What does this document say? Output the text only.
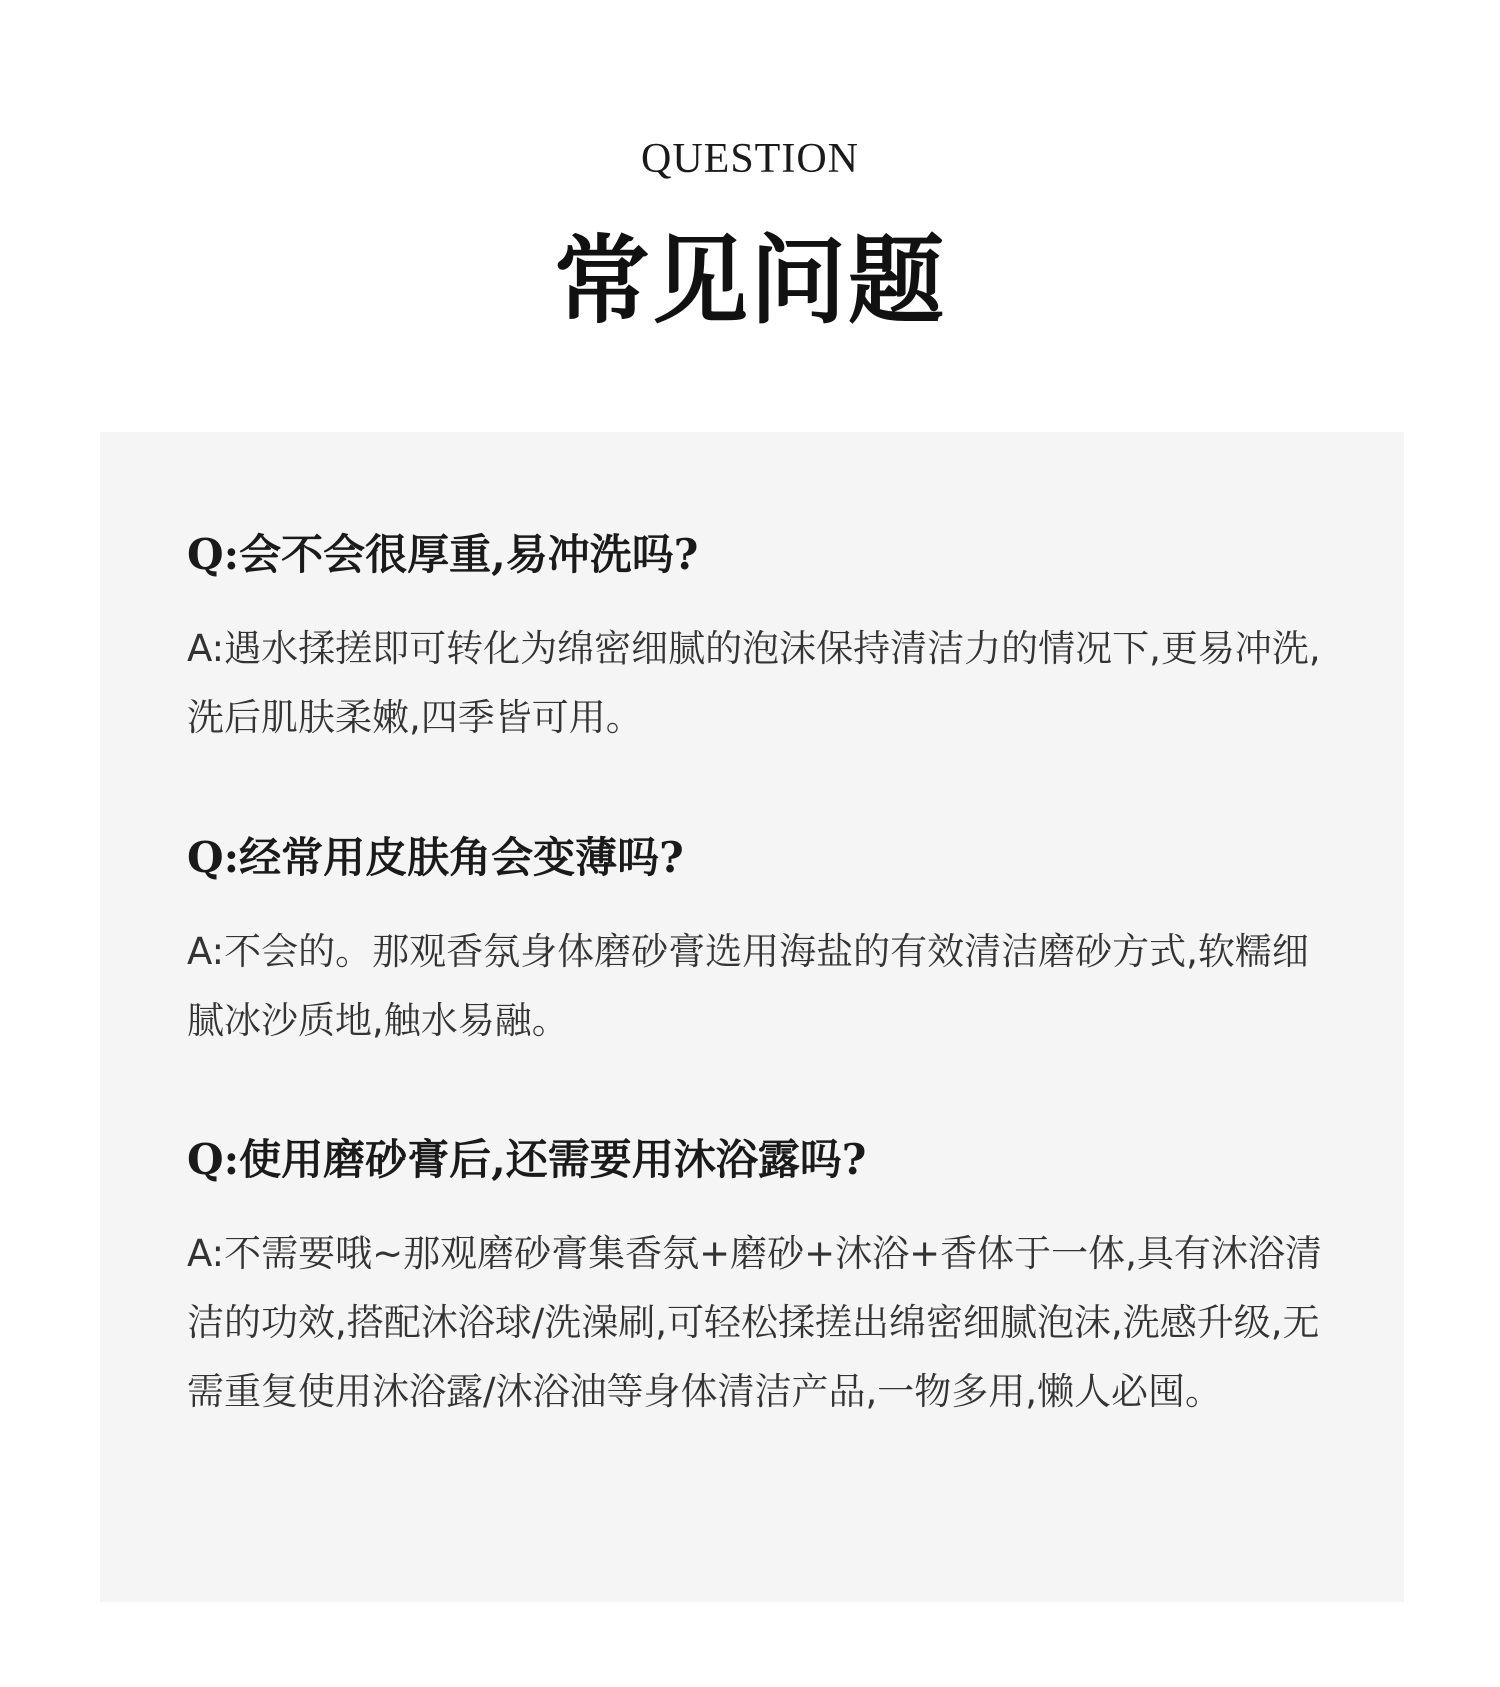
QUESTION
常见问题

Q:会不会很厚重,易冲洗吗?

A:遇水揉搓即可转化为绵密细腻的泡沫保持清洁力的情况下,更易冲洗,洗后肌肤柔嫩,四季皆可用。

Q:经常用皮肤角会变薄吗?

A:不会的。那观香氛身体磨砂膏选用海盐的有效清洁磨砂方式,软糯细腻冰沙质地,触水易融。

Q:使用磨砂膏后,还需要用沐浴露吗?

A:不需要哦~那观磨砂膏集香氛+磨砂+沐浴+香体于一体,具有沐浴清洁的功效,搭配沐浴球/洗澡刷,可轻松揉搓出绵密细腻泡沫,洗感升级,无需重复使用沐浴露/沐浴油等身体清洁产品,一物多用,懒人必囤。
